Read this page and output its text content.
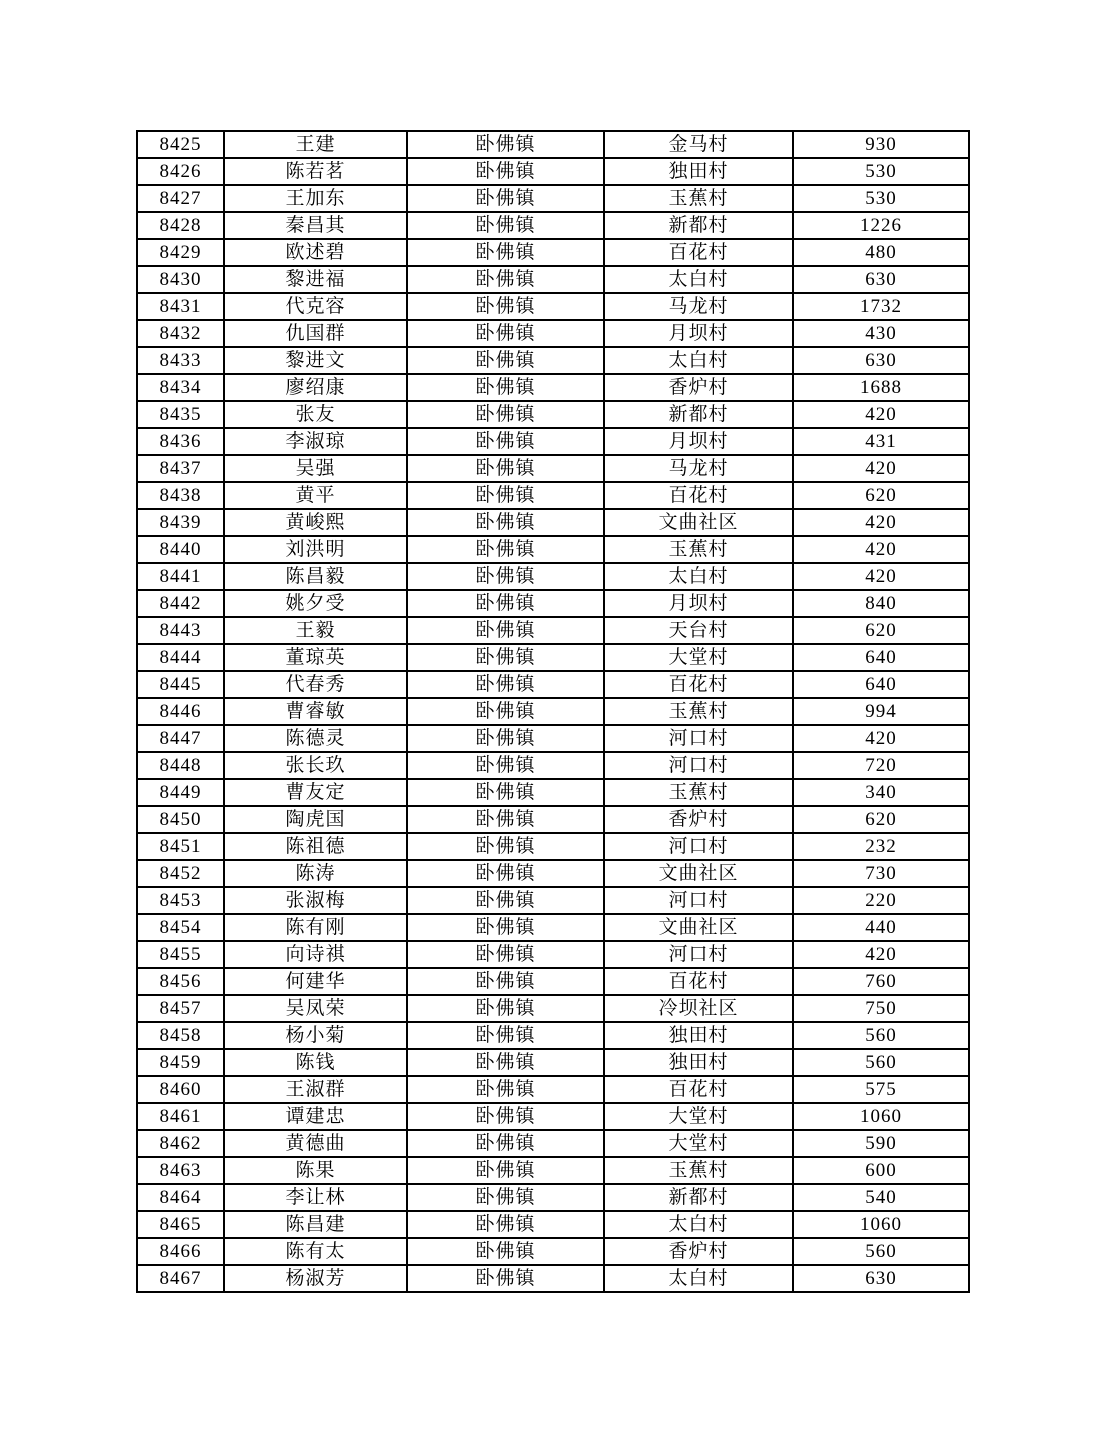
8425	王建	卧佛镇	金马村	930
8426	陈若茗	卧佛镇	独田村	530
8427	王加东	卧佛镇	玉蕉村	530
8428	秦昌其	卧佛镇	新都村	1226
8429	欧述碧	卧佛镇	百花村	480
8430	黎进福	卧佛镇	太白村	630
8431	代克容	卧佛镇	马龙村	1732
8432	仇国群	卧佛镇	月坝村	430
8433	黎进文	卧佛镇	太白村	630
8434	廖绍康	卧佛镇	香炉村	1688
8435	张友	卧佛镇	新都村	420
8436	李淑琼	卧佛镇	月坝村	431
8437	吴强	卧佛镇	马龙村	420
8438	黄平	卧佛镇	百花村	620
8439	黄峻熙	卧佛镇	文曲社区	420
8440	刘洪明	卧佛镇	玉蕉村	420
8441	陈昌毅	卧佛镇	太白村	420
8442	姚夕受	卧佛镇	月坝村	840
8443	王毅	卧佛镇	天台村	620
8444	董琼英	卧佛镇	大堂村	640
8445	代春秀	卧佛镇	百花村	640
8446	曹睿敏	卧佛镇	玉蕉村	994
8447	陈德灵	卧佛镇	河口村	420
8448	张长玖	卧佛镇	河口村	720
8449	曹友定	卧佛镇	玉蕉村	340
8450	陶虎国	卧佛镇	香炉村	620
8451	陈祖德	卧佛镇	河口村	232
8452	陈涛	卧佛镇	文曲社区	730
8453	张淑梅	卧佛镇	河口村	220
8454	陈有刚	卧佛镇	文曲社区	440
8455	向诗祺	卧佛镇	河口村	420
8456	何建华	卧佛镇	百花村	760
8457	吴凤荣	卧佛镇	冷坝社区	750
8458	杨小菊	卧佛镇	独田村	560
8459	陈钱	卧佛镇	独田村	560
8460	王淑群	卧佛镇	百花村	575
8461	谭建忠	卧佛镇	大堂村	1060
8462	黄德曲	卧佛镇	大堂村	590
8463	陈果	卧佛镇	玉蕉村	600
8464	李让林	卧佛镇	新都村	540
8465	陈昌建	卧佛镇	太白村	1060
8466	陈有太	卧佛镇	香炉村	560
8467	杨淑芳	卧佛镇	太白村	630
